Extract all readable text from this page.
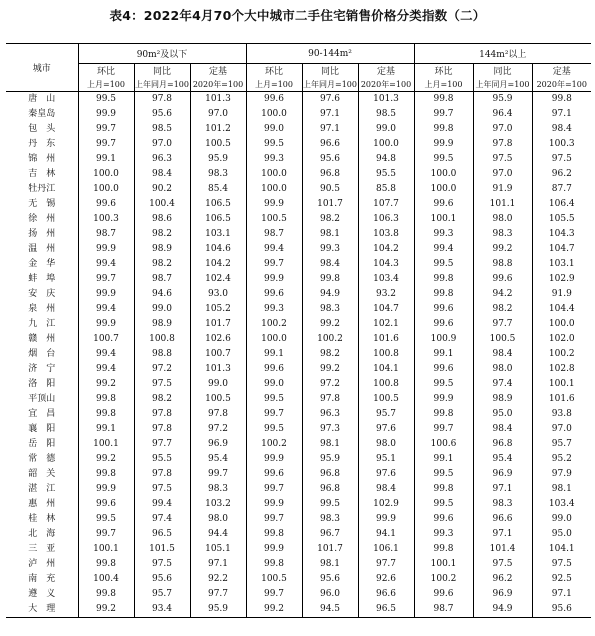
表4：2022年4月70个大中城市二手住宅销售价格分类指数（二）
城市	90m²及以下			90-144m²			144m²以上		
	环比	同比	定基	环比	同比	定基	环比	同比	定基
	上月=100	上年同月=100	2020年=100	上月=100	上年同月=100	2020年=100	上月=100	上年同月=100	2020年=100
唐　山	99.5	97.8	101.3	99.6	97.6	101.3	99.8	95.9	99.8
秦皇岛	99.9	95.6	97.0	100.0	97.1	98.5	99.7	96.4	97.1
包　头	99.7	98.5	101.2	99.0	97.1	99.0	99.8	97.0	98.4
丹　东	99.7	97.0	100.5	99.5	96.6	100.0	99.9	97.8	100.3
锦　州	99.1	96.3	95.9	99.3	95.6	94.8	99.5	97.5	97.5
吉　林	100.0	98.4	98.3	100.0	96.8	95.5	100.0	97.0	96.2
牡丹江	100.0	90.2	85.4	100.0	90.5	85.8	100.0	91.9	87.7
无　锡	99.6	100.4	106.5	99.9	101.7	107.7	99.6	101.1	106.4
徐　州	100.3	98.6	106.5	100.5	98.2	106.3	100.1	98.0	105.5
扬　州	98.7	98.2	103.1	98.7	98.1	103.8	99.3	98.3	104.3
温　州	99.9	98.9	104.6	99.4	99.3	104.2	99.4	99.2	104.7
金　华	99.4	98.2	104.2	99.7	98.4	104.3	99.5	98.8	103.1
蚌　埠	99.7	98.7	102.4	99.9	99.8	103.4	99.8	99.6	102.9
安　庆	99.9	94.6	93.0	99.6	94.9	93.2	99.8	94.2	91.9
泉　州	99.4	99.0	105.2	99.3	98.3	104.7	99.6	98.2	104.4
九　江	99.9	98.9	101.7	100.2	99.2	102.1	99.6	97.7	100.0
赣　州	100.7	100.8	102.6	100.0	100.2	101.6	100.9	100.5	102.0
烟　台	99.4	98.8	100.7	99.1	98.2	100.8	99.1	98.4	100.2
济　宁	99.4	97.2	101.3	99.6	99.2	104.1	99.6	98.0	102.8
洛　阳	99.2	97.5	99.0	99.0	97.2	100.8	99.5	97.4	100.1
平顶山	99.8	98.2	100.5	99.5	97.8	100.5	99.9	98.9	101.6
宜　昌	99.8	97.8	97.8	99.7	96.3	95.7	99.8	95.0	93.8
襄　阳	99.1	97.8	97.2	99.5	97.3	97.6	99.7	98.4	97.0
岳　阳	100.1	97.7	96.9	100.2	98.1	98.0	100.6	96.8	95.7
常　德	99.2	95.5	95.4	99.9	95.9	95.1	99.1	95.4	95.2
韶　关	99.8	97.8	99.7	99.6	96.8	97.6	99.5	96.9	97.9
湛　江	99.9	97.5	98.3	99.7	96.8	98.4	99.8	97.1	98.1
惠　州	99.6	99.4	103.2	99.9	99.5	102.9	99.5	98.3	103.4
桂　林	99.5	97.4	98.0	99.7	98.3	99.9	99.6	96.6	99.0
北　海	99.7	96.5	94.4	99.8	96.7	94.1	99.3	97.1	95.0
三　亚	100.1	101.5	105.1	99.9	101.7	106.1	99.8	101.4	104.1
泸　州	99.8	97.5	97.1	99.8	98.1	97.7	100.1	97.5	97.5
南　充	100.4	95.6	92.2	100.5	95.6	92.6	100.2	96.2	92.5
遵　义	99.8	95.7	97.7	99.7	96.0	96.6	99.6	96.9	97.1
大　理	99.2	93.4	95.9	99.2	94.5	96.5	98.7	94.9	95.6
